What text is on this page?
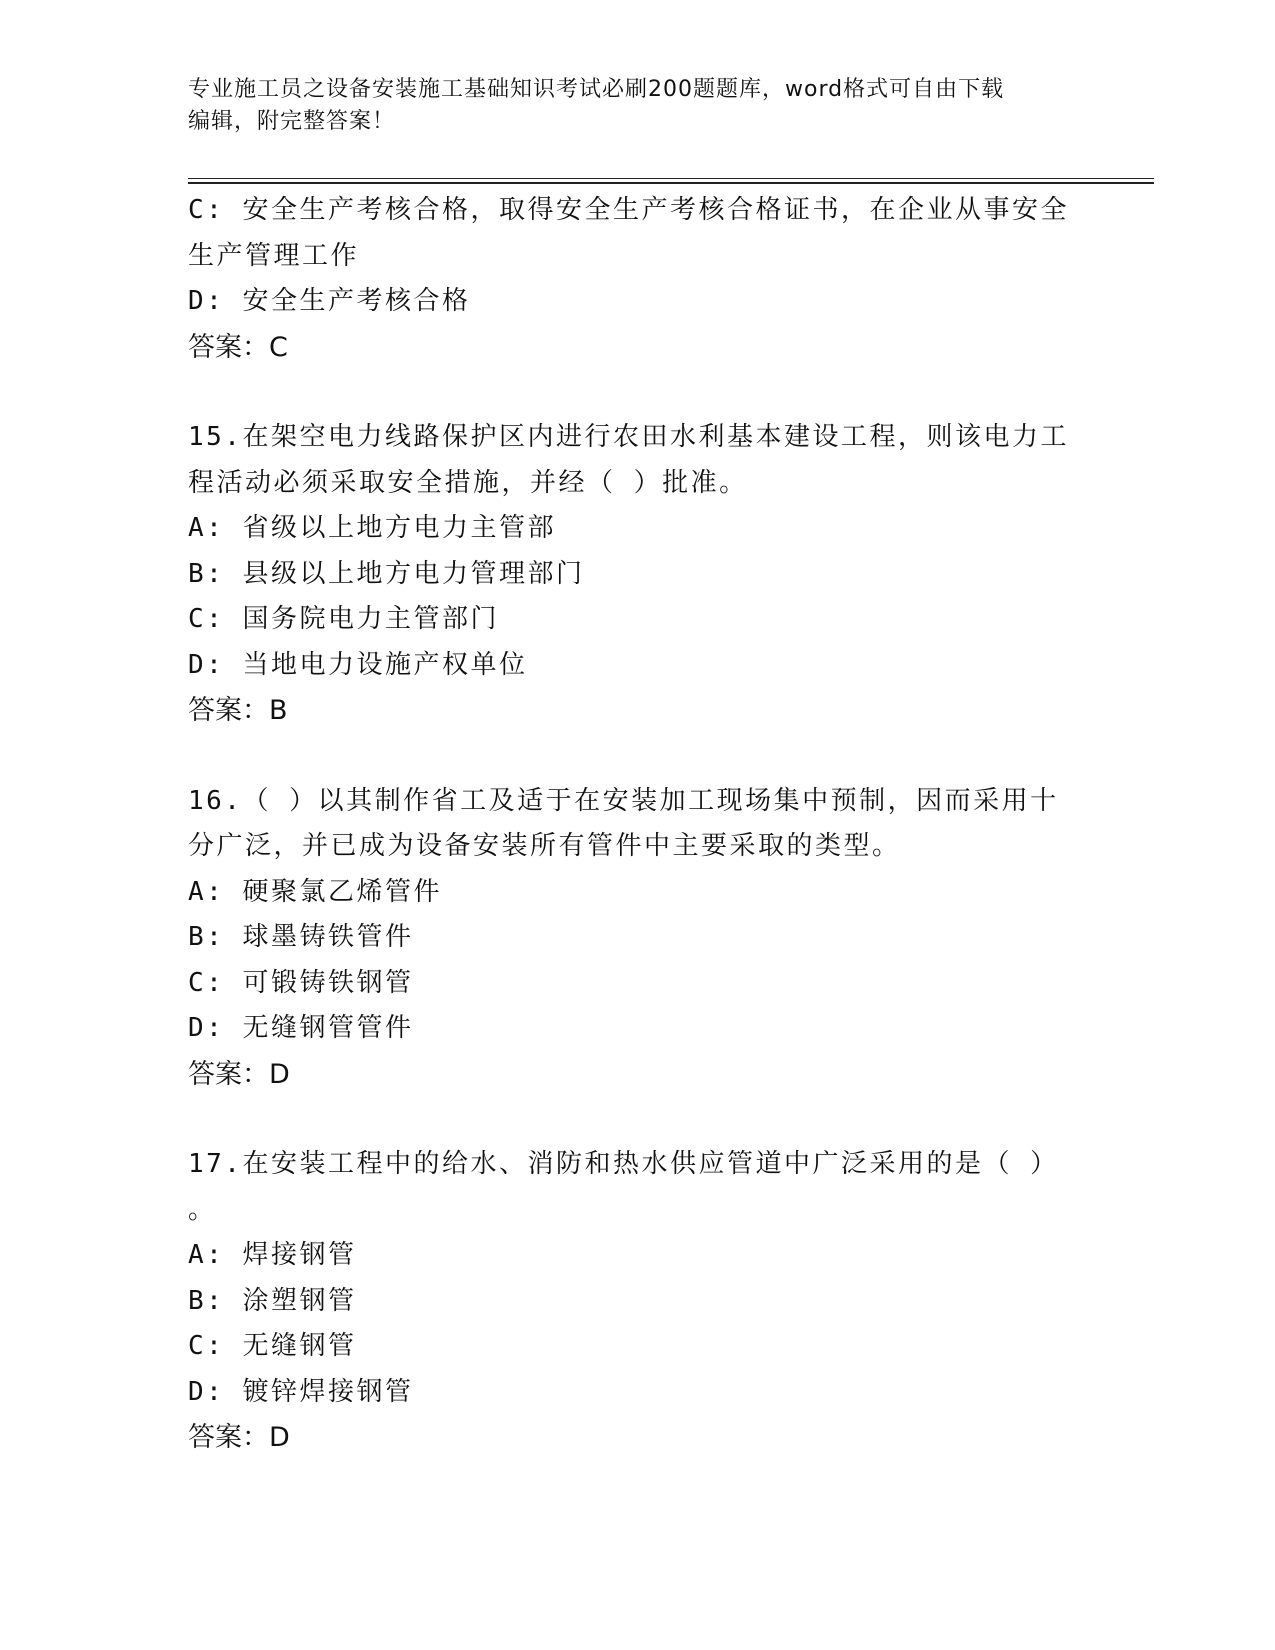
专业施工员之设备安装施工基础知识考试必刷200题题库，word格式可自由下载
编辑，附完整答案！

C: 安全生产考核合格，取得安全生产考核合格证书，在企业从事安全

生产管理工作

D: 安全生产考核合格

答案：C

15.在架空电力线路保护区内进行农田水利基本建设工程，则该电力工

程活动必须采取安全措施，并经（ ）批准。

A: 省级以上地方电力主管部

B: 县级以上地方电力管理部门

C: 国务院电力主管部门

D: 当地电力设施产权单位

答案：B

16.（ ）以其制作省工及适于在安装加工现场集中预制，因而采用十

分广泛，并已成为设备安装所有管件中主要采取的类型。

A: 硬聚氯乙烯管件

B: 球墨铸铁管件

C: 可锻铸铁钢管

D: 无缝钢管管件

答案：D

17.在安装工程中的给水、消防和热水供应管道中广泛采用的是（ ）

。

A: 焊接钢管

B: 涂塑钢管

C: 无缝钢管

D: 镀锌焊接钢管

答案：D
